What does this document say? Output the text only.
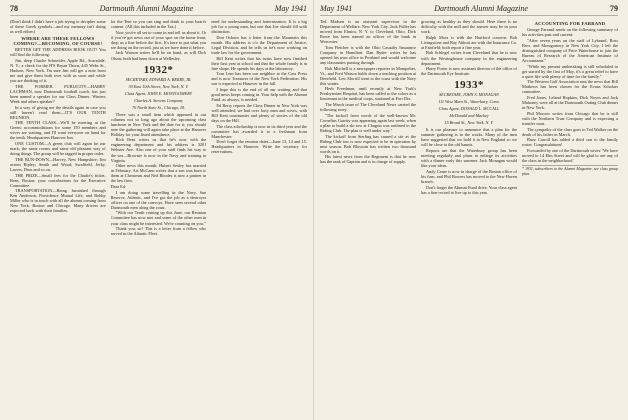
78	Dartmouth Alumni Magazine	May 1941

(Don't think I didn't have a job trying to decipher some of these Greek symbols—and my memory isn't doing as well either.)

WHERE ARE THESE FELLOWS COMING?—BECOMING, OF COURSE!

BETTER GET THE ADDRESS BOOK OUT! You will find the following:

Jim, deep Charlie Schneider, Apple Rd., Scarsdale, N. Y.; a check for the H'S Bryan Thorn, 445 Webs St., Hudson, New York. I'm sure Jim will get a note from me and give them both over with us soon and while you are thinking of it.

THE FORMER PUBLICITY—HARRY LACHMAN, now Dartmouth football coach, has just been named a speaker for our Class Dinner, Winters Week and others speaker?

In a way of giving me the details again in case you still haven't read them—IT'S OUR TENTH REUNION.

THE TENTH CLASS—We'll be meeting at the Green; accommodations for some 150 members and wives are waiting, and I'll want everyone on hand for the tenth. Headquarters Hanover Inn.

ONE CUSTOM—A green club will again be our mark; the same rooms and same old pleasant way of doing things. The group will be tagged in proper order.

THE RUN-DOWN—Harvey, New Hampshire; Jim acrom Ripley; Smith and Wood; Swaffield, Jerky, Lavers, Dion and so on.

THE PRIZE—Small fees for the Charlie's ticket, Bens, Boston; your contributions for the Executive Committee.

TRANSPORTATION—Being furnished through Ken Anderson, Providence Mutual Life, and Bobby Miller who is in touch with all the alumni coming from New York, Boston and Chicago. Many drivers are expected back with their families.

for the Tent so you can sing and drink to your heart's content. (All this included in the Tax.)

Now you're all set to come in and tell us about it. Or if you've got news out of your spot on the home front, drop us a line before the first. It's here to put what you are doing on the record, just as we have done it before.

Jack Watson writes he'll be on hand, as will Dick Olson; both had been down at Wellesley.

1932*
SECRETARY, EDWARD A. BERRY, JR.
30 East 10th Street, New York, N. Y.
Class Agent, JOHN E. MONTGOMERY
Charles A. Stevens Company
70 North State St., Chicago, Ill.

There was a small item which appeared in our columns not so long ago about the upcoming class luncheon in New York and the date for it; you should note the gathering will again take place at the Hanover Holiday for your listed attendance.

Rich Bent writes us that he's now with the engineering department and his address is 3201 Webster Ave. Also one of your staff finds his way to the sea—Brownie is now in the Navy and training in Virginia.

Other news this month: Hubert Sealey has married in February. Art McCann writes that a son was born to them at Christmas and Ned Rhodes is now a partner in the law firm.

Dear Ed:

I am doing some travelling in the Navy, Sun Reserve, Atlantic, and I've got the job as a destroyer officer on one of the convoys. Have seen several other Dartmouth men along the coast.

"With our Tenth coming up this June, our Reunion Committee has now met and some of the other men in your class might be interested. We're counting on you."

Thank you, sir! This is a letter from a fellow who served in the Atlantic Fleet.

need for understanding and fraternization. It is a big job for a young man, but one that Joe should fill with distinction.

Don Osborn has a letter from the Mountain this month. His address is c/o the Department of Justice, Legal Division, and he tells us he's now working on trade law for the government.

Bill Kent writes that his twins have now finished their first year at school and that the whole family is in fine shape. He spends his days at the laboratory.

Tom Lent has been our neighbor at the Cass Press and is now Treasurer of the New York Federation. His son is expected at Hanover in the fall.

I hope this is the end of all our waiting and that good news keeps coming in. Your help with the Alumni Fund, as always, is needed.

Ed Berry reports the Class Dinner in New York was well attended; we had over forty men and wives, with Bill Kent toastmaster and plenty of stories of the old days on the Hill.

The class scholarship is now in its third year and the committee has awarded it to a freshman from Manchester.

Don't forget the reunion dates—June 13, 14 and 15. Headquarters in Hanover. Write the secretary for reservations.

May 1941	Dartmouth Alumni Magazine	79

Ted Madsen is an assistant supervisor in the Department of Welfare, New York City. Jack Fuller has moved from Elmira, N. Y. to Cleveland, Ohio. Dick Rowe has been named an officer of the bank in Worcester.

Tom Fletcher is with the Ohio Casualty Insurance Company in Hamilton. Dan Ryder writes he has opened his own office in Portland and would welcome any classmates passing through.

Bob Mitchell is a newspaper reporter in Montpelier, Vt., and Fred Watson holds down a teaching position at Deerfield. Lew Morrill went to the coast with the Navy this winter.

Herb Freedman, until recently at New York's Presbyterian Hospital, has been called to the colors as a lieutenant in the medical corps, stationed at Fort Dix.

The March issue of The Cleveland News carried the following story:

"The kickoff from words of the well-known Mr. Cornelius Garrity was appearing again last week, when a plan to build a ski tow at Chagrin was outlined to the Riding Club. The plan is well under way."

The kickoff from Sterling has caused a stir as the Riding Club tow is now expected to be in operation by next season. Bob Blossom has written two thousand words on it.

His latest news from the Regiment is that he now has the rank of Captain and is in charge of supply.

growing as healthy as they should. Here there is no difficulty with the mill and the answer may be in your work.

Ralph Moss is with the Hartford concern. Bob Livingstone and Ray Abbott are with the Insurance Co. at Fairfield; both report a fine year.

Bob Schlegel writes from Cleveland that he is now with the Westinghouse company in the engineering department.

Harry Porter is now assistant director of the office of the Dartmouth Eye Institute.

1933*
SECRETARY, JOHN S. MONAGAN
111 West Main St., Waterbury, Conn.
Class Agent, DONALD L. MCCALL
McDonald and Mackey
15 Broad St., New York, N. Y.

It is our pleasure to announce that a plan for the summer gathering is in the works. Many of the men have suggested that we hold it in New England so we will be close to the old haunts.

Reports are that the Waterbury group has been meeting regularly and plans to enlarge its activities with a dinner early this summer. Jack Monagan would like your ideas.

Andy Crane is now in charge of the Boston office of his firm, and Phil Bowers has moved to the New Haven branch.

Don't forget the Alumni Fund drive. Your class agent has a fine record to live up to this year.

ACCOUNTING FOR FARRAND

George Farrand sends on the following summary of his activities past and current:

"After seven years on the staff of Lybrand, Ross Bros. and Montgomery in New York City, I left the distinguished company of Price Waterhouse to join the Bureau of Research of the American Institute of Accountants."

"While my present undertaking is still scheduled to get started by the first of May, it's a great relief to have a quiet life with plenty of time for the family."

The Western Golf Association sent the news that Bill Mathews has been chosen for the Evans Scholars committee.

Fred Jones, Leland Hopkins, Dick Noyes and Jack Mahoney were all at the Dartmouth Outing Club dinner in New York.

Phil Morrow writes from Chicago that he is still with the Northern Trust Company and is expecting a transfer soon.

The sympathy of the class goes to Ted Walker on the death of his father in March.

Buzz Carroll has added a third son to the family roster. Congratulations!

Forwarded by one of the Dartmouth wives: 'We have moved to 14 Elm Street and will be glad to see any of the class in the neighborhood.'

* 1931, subscribers to the Alumni Magazine, see class group plan.
